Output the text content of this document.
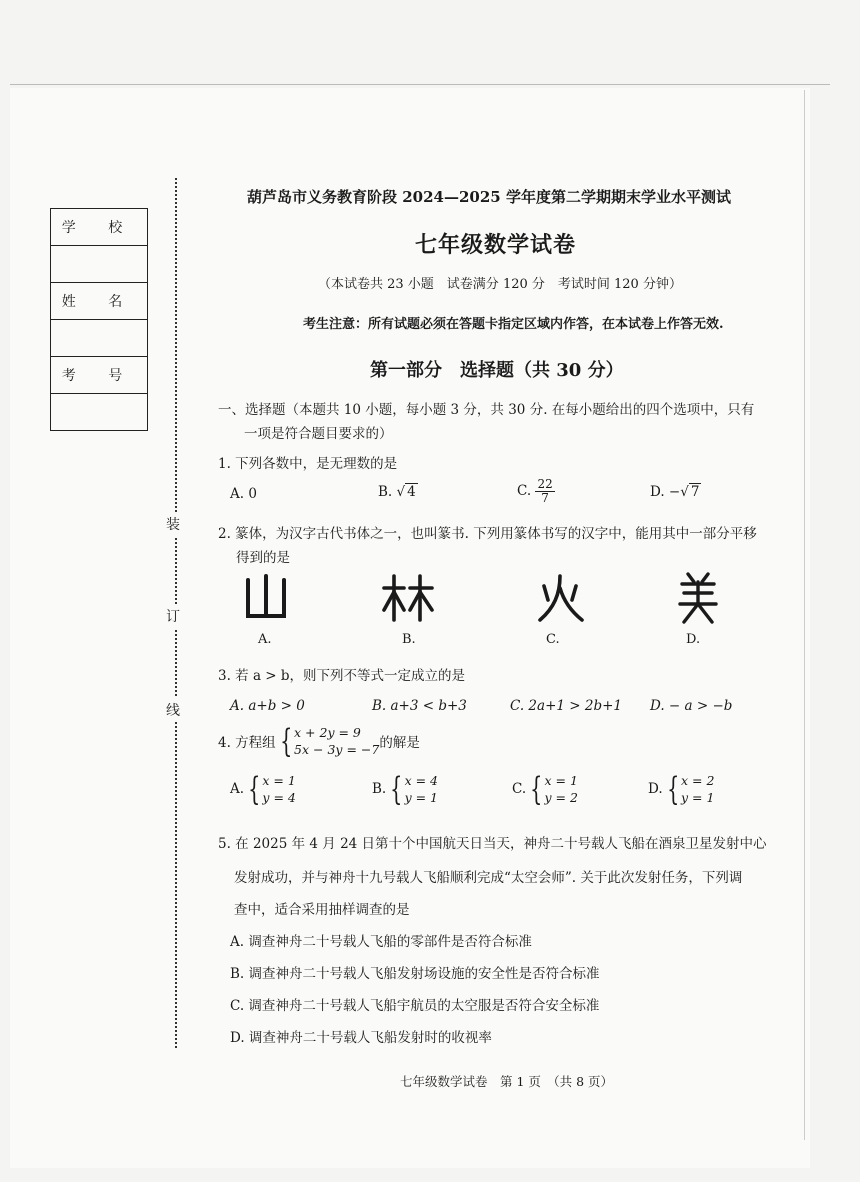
学 校
姓 名
考 号
装
订
线
葫芦岛市义务教育阶段 2024—2025 学年度第二学期期末学业水平测试
七年级数学试卷
（本试卷共 23 小题　试卷满分 120 分　考试时间 120 分钟）
考生注意：所有试题必须在答题卡指定区域内作答，在本试卷上作答无效.
第一部分　选择题（共 30 分）
一、选择题（本题共 10 小题，每小题 3 分，共 30 分. 在每小题给出的四个选项中，只有
一项是符合题目要求的）
1. 下列各数中，是无理数的是
A. 0	B. √ 4	C. $\frac{22}{7}$	D. −√ 7
2. 篆体，为汉字古代书体之一，也叫篆书. 下列用篆体书写的汉字中，能用其中一部分平移
得到的是
A.	B.	C.	D.
3. 若 a > b，则下列不等式一定成立的是
A. a+b > 0	B. a+3 < b+3	C. 2a+1 > 2b+1 D. − a > −b
4. 方程组 { x + 2y = 9
5x − 3y = −7 的解是
A. { x = 1
y = 4
B. { x = 4
y = 1
C. { x = 1
y = 2
D. { x = 2
y = 1
5. 在 2025 年 4 月 24 日第十个中国航天日当天，神舟二十号载人飞船在酒泉卫星发射中心
发射成功，并与神舟十九号载人飞船顺利完成“太空会师”. 关于此次发射任务，下列调
查中，适合采用抽样调查的是
A. 调查神舟二十号载人飞船的零部件是否符合标准
B. 调查神舟二十号载人飞船发射场设施的安全性是否符合标准
C. 调查神舟二十号载人飞船宇航员的太空服是否符合安全标准
D. 调查神舟二十号载人飞船发射时的收视率
七年级数学试卷　第 1 页　（共 8 页）
